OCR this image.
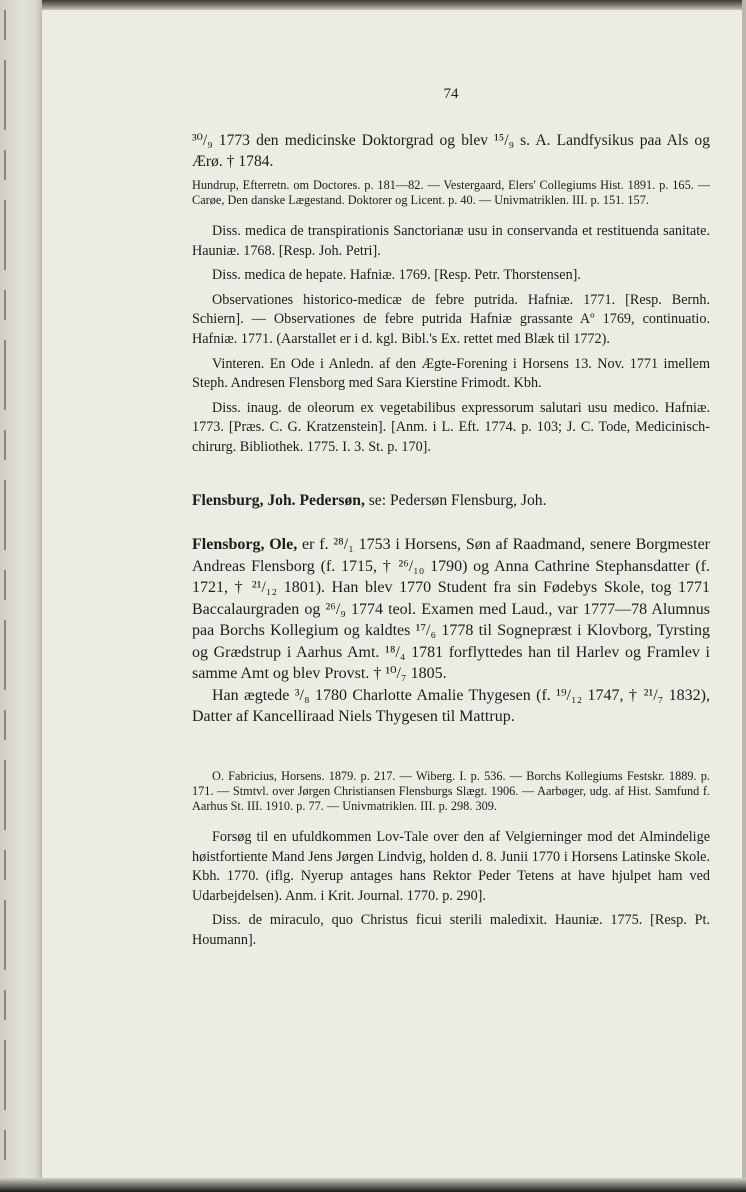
74

³⁰/₉ 1773 den medicinske Doktorgrad og blev ¹⁵/₉ s. A. Landfysikus paa Als og Ærø. † 1784.

Hundrup, Efterretn. om Doctores. p. 181—82. — Vestergaard, Elers' Collegiums Hist. 1891. p. 165. — Carøe, Den danske Lægestand. Doktorer og Licent. p. 40. — Univmatriklen. III. p. 151. 157.

Diss. medica de transpirationis Sanctorianæ usu in conservanda et restituenda sanitate. Hauniæ. 1768. [Resp. Joh. Petri].

Diss. medica de hepate. Hafniæ. 1769. [Resp. Petr. Thorstensen].

Observationes historico-medicæ de febre putrida. Hafniæ. 1771. [Resp. Bernh. Schiern]. — Observationes de febre putrida Hafniæ grassante Aº 1769, continuatio. Hafniæ. 1771. (Aarstallet er i d. kgl. Bibl.'s Ex. rettet med Blæk til 1772).

Vinteren. En Ode i Anledn. af den Ægte-Forening i Horsens 13. Nov. 1771 imellem Steph. Andresen Flensborg med Sara Kierstine Frimodt. Kbh.

Diss. inaug. de oleorum ex vegetabilibus expressorum salutari usu medico. Hafniæ. 1773. [Præs. C. G. Kratzenstein]. [Anm. i L. Eft. 1774. p. 103; J. C. Tode, Medicinisch-chirurg. Bibliothek. 1775. I. 3. St. p. 170].

Flensburg, Joh. Pedersøn, se: Pedersøn Flensburg, Joh.

Flensborg, Ole, er f. ²⁸/₁ 1753 i Horsens, Søn af Raadmand, senere Borgmester Andreas Flensborg (f. 1715, † ²⁶/₁₀ 1790) og Anna Cathrine Stephansdatter (f. 1721, † ²¹/₁₂ 1801). Han blev 1770 Student fra sin Fødebys Skole, tog 1771 Baccalaurgraden og ²⁶/₉ 1774 teol. Examen med Laud., var 1777—78 Alumnus paa Borchs Kollegium og kaldtes ¹⁷/₆ 1778 til Sognepræst i Klovborg, Tyrsting og Grædstrup i Aarhus Amt. ¹⁸/₄ 1781 forflyttedes han til Harlev og Framlev i samme Amt og blev Provst. † ¹⁰/₇ 1805.

Han ægtede ³/₈ 1780 Charlotte Amalie Thygesen (f. ¹⁹/₁₂ 1747, † ²¹/₇ 1832), Datter af Kancelliraad Niels Thygesen til Mattrup.

O. Fabricius, Horsens. 1879. p. 217. — Wiberg. I. p. 536. — Borchs Kollegiums Festskr. 1889. p. 171. — Stmtvl. over Jørgen Christiansen Flensburgs Slægt. 1906. — Aarbøger, udg. af Hist. Samfund f. Aarhus St. III. 1910. p. 77. — Univmatriklen. III. p. 298. 309.

Forsøg til en ufuldkommen Lov-Tale over den af Velgierninger mod det Almindelige høistfortiente Mand Jens Jørgen Lindvig, holden d. 8. Junii 1770 i Horsens Latinske Skole. Kbh. 1770. (iflg. Nyerup antages hans Rektor Peder Tetens at have hjulpet ham ved Udarbejdelsen). Anm. i Krit. Journal. 1770. p. 290].

Diss. de miraculo, quo Christus ficui sterili maledixit. Hauniæ. 1775. [Resp. Pt. Houmann].
